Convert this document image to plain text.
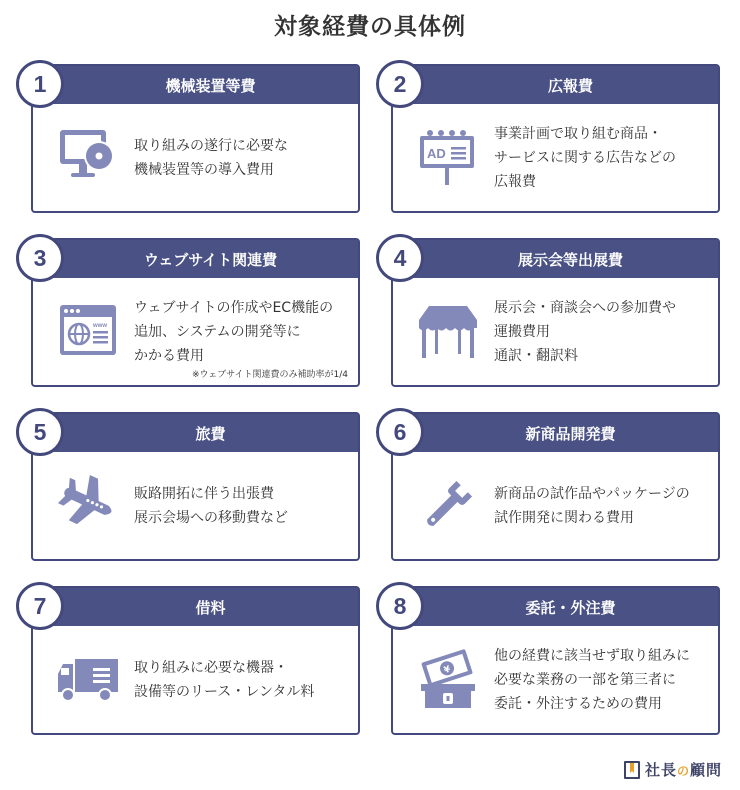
対象経費の具体例
機械装置等費
取り組みの遂行に必要な
機械装置等の導入費用
1	広報費
AD
事業計画で取り組む商品・
サービスに関する広告などの
広報費
2
ウェブサイト関連費
www
ウェブサイトの作成やEC機能の
追加、システムの開発等に
かかる費用
※ウェブサイト関連費のみ補助率が1/4
3	展示会等出展費
展示会・商談会への参加費や
運搬費用
通訳・翻訳料
4
旅費
販路開拓に伴う出張費
展示会場への移動費など
5	新商品開発費
新商品の試作品やパッケージの
試作開発に関わる費用
6
借料
取り組みに必要な機器・
設備等のリース・レンタル料
7	委託・外注費
¥
他の経費に該当せず取り組みに
必要な業務の一部を第三者に
委託・外注するための費用
8
社長の顧問
